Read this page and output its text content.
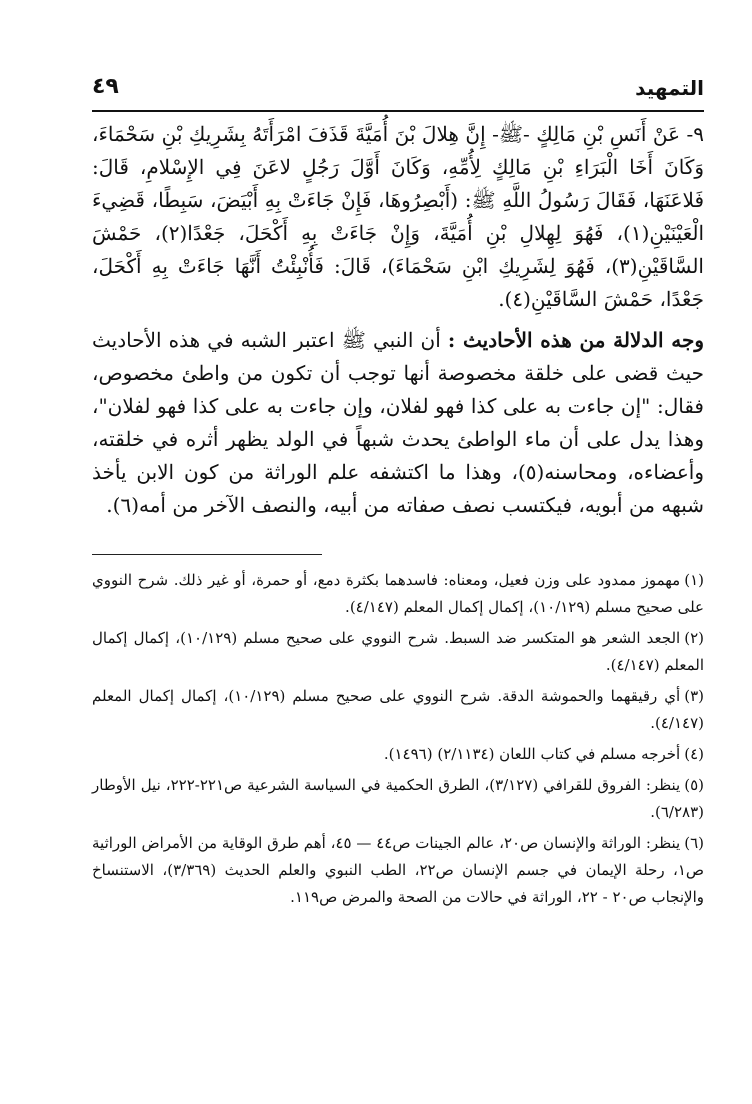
التمهيد
٤٩

٩- عَنْ أَنَسِ بْنِ مَالِكٍ -ﷺ- إِنَّ هِلالَ بْنَ أُمَيَّةَ قَذَفَ امْرَأَتَهُ بِشَرِيكِ بْنِ سَحْمَاءَ، وَكَانَ أَخَا الْبَرَاءِ بْنِ مَالِكٍ لِأُمِّهِ، وَكَانَ أَوَّلَ رَجُلٍ لاعَنَ فِي الإِسْلامِ، قَالَ: فَلاعَنَهَا، فَقَالَ رَسُولُ اللَّهِ ﷺ: (أَبْصِرُوهَا، فَإِنْ جَاءَتْ بِهِ أَبْيَضَ، سَبِطًا، قَضِيءَ الْعَيْنَيْنِ(١)، فَهُوَ لِهِلالِ بْنِ أُمَيَّةَ، وَإِنْ جَاءَتْ بِهِ أَكْحَلَ، جَعْدًا(٢)، حَمْشَ السَّاقَيْنِ(٣)، فَهُوَ لِشَرِيكِ ابْنِ سَحْمَاءَ)، قَالَ: فَأُنْبِئْتُ أَنَّهَا جَاءَتْ بِهِ أَكْحَلَ، جَعْدًا، حَمْشَ السَّاقَيْنِ(٤).

وجه الدلالة من هذه الأحاديث : أن النبي ﷺ اعتبر الشبه في هذه الأحاديث حيث قضى على خلقة مخصوصة أنها توجب أن تكون من واطئ مخصوص، فقال: "إن جاءت به على كذا فهو لفلان، وإن جاءت به على كذا فهو لفلان"، وهذا يدل على أن ماء الواطئ يحدث شبهاً في الولد يظهر أثره في خلقته، وأعضاءه، ومحاسنه(٥)، وهذا ما اكتشفه علم الوراثة من كون الابن يأخذ شبهه من أبويه، فيكتسب نصف صفاته من أبيه، والنصف الآخر من أمه(٦).

(١)مهموز ممدود على وزن فعيل، ومعناه: فاسدهما بكثرة دمع، أو حمرة، أو غير ذلك. شرح النووي على صحيح مسلم (١٠/١٢٩)، إكمال إكمال المعلم (٤/١٤٧).

(٢)الجعد الشعر هو المتكسر ضد السبط. شرح النووي على صحيح مسلم (١٠/١٢٩)، إكمال إكمال المعلم (٤/١٤٧).

(٣)أي رقيقهما والحموشة الدقة. شرح النووي على صحيح مسلم (١٠/١٢٩)، إكمال إكمال المعلم (٤/١٤٧).

(٤)أخرجه مسلم في كتاب اللعان (٢/١١٣٤) (١٤٩٦).

(٥)ينظر: الفروق للقرافي (٣/١٢٧)، الطرق الحكمية في السياسة الشرعية ص٢٢١-٢٢٢، نيل الأوطار (٦/٢٨٣).

(٦)ينظر: الوراثة والإنسان ص٢٠، عالم الجينات ص٤٤ — ٤٥، أهم طرق الوقاية من الأمراض الوراثية ص١، رحلة الإيمان في جسم الإنسان ص٢٢، الطب النبوي والعلم الحديث (٣/٣٦٩)، الاستنساخ والإنجاب ص٢٠ - ٢٢، الوراثة في حالات من الصحة والمرض ص١١٩.
